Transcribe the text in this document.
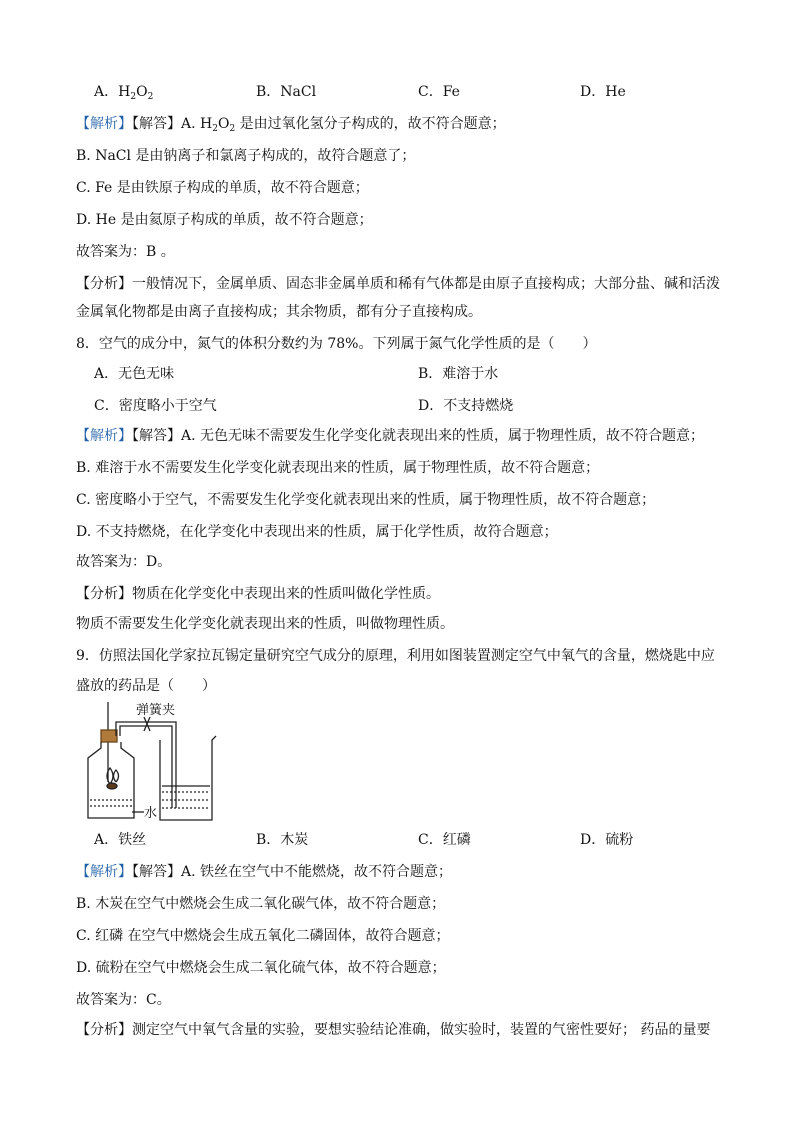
A．$H_2O_2$	B．NaCl	C．Fe	D．He
【解析】【解答】A. $H_2O_2$ 是由过氧化氢分子构成的，故不符合题意；
B. NaCl 是由钠离子和氯离子构成的，故符合题意了；
C. Fe 是由铁原子构成的单质，故不符合题意；
D. He 是由氦原子构成的单质，故不符合题意；
故答案为：B 。
【分析】一般情况下，金属单质、固态非金属单质和稀有气体都是由原子直接构成；大部分盐、碱和活泼
金属氧化物都是由离子直接构成；其余物质，都有分子直接构成。
8．空气的成分中，氮气的体积分数约为 78%。下列属于氮气化学性质的是（　　）
A．无色无味	B．难溶于水
C．密度略小于空气	D．不支持燃烧
【解析】【解答】A. 无色无味不需要发生化学变化就表现出来的性质，属于物理性质，故不符合题意；
B. 难溶于水不需要发生化学变化就表现出来的性质，属于物理性质，故不符合题意；
C. 密度略小于空气，不需要发生化学变化就表现出来的性质，属于物理性质，故不符合题意；
D. 不支持燃烧，在化学变化中表现出来的性质，属于化学性质，故符合题意；
故答案为：D。
【分析】物质在化学变化中表现出来的性质叫做化学性质。
物质不需要发生化学变化就表现出来的性质，叫做物理性质。
9．仿照法国化学家拉瓦锡定量研究空气成分的原理，利用如图装置测定空气中氧气的含量，燃烧匙中应
盛放的药品是（　　）
弹簧夹
水
A．铁丝	B．木炭	C．红磷	D．硫粉
【解析】【解答】A. 铁丝在空气中不能燃烧，故不符合题意；
B. 木炭在空气中燃烧会生成二氧化碳气体，故不符合题意；
C. 红磷 在空气中燃烧会生成五氧化二磷固体，故符合题意；
D. 硫粉在空气中燃烧会生成二氧化硫气体，故不符合题意；
故答案为：C。
【分析】测定空气中氧气含量的实验，要想实验结论准确，做实验时，装置的气密性要好； 药品的量要
